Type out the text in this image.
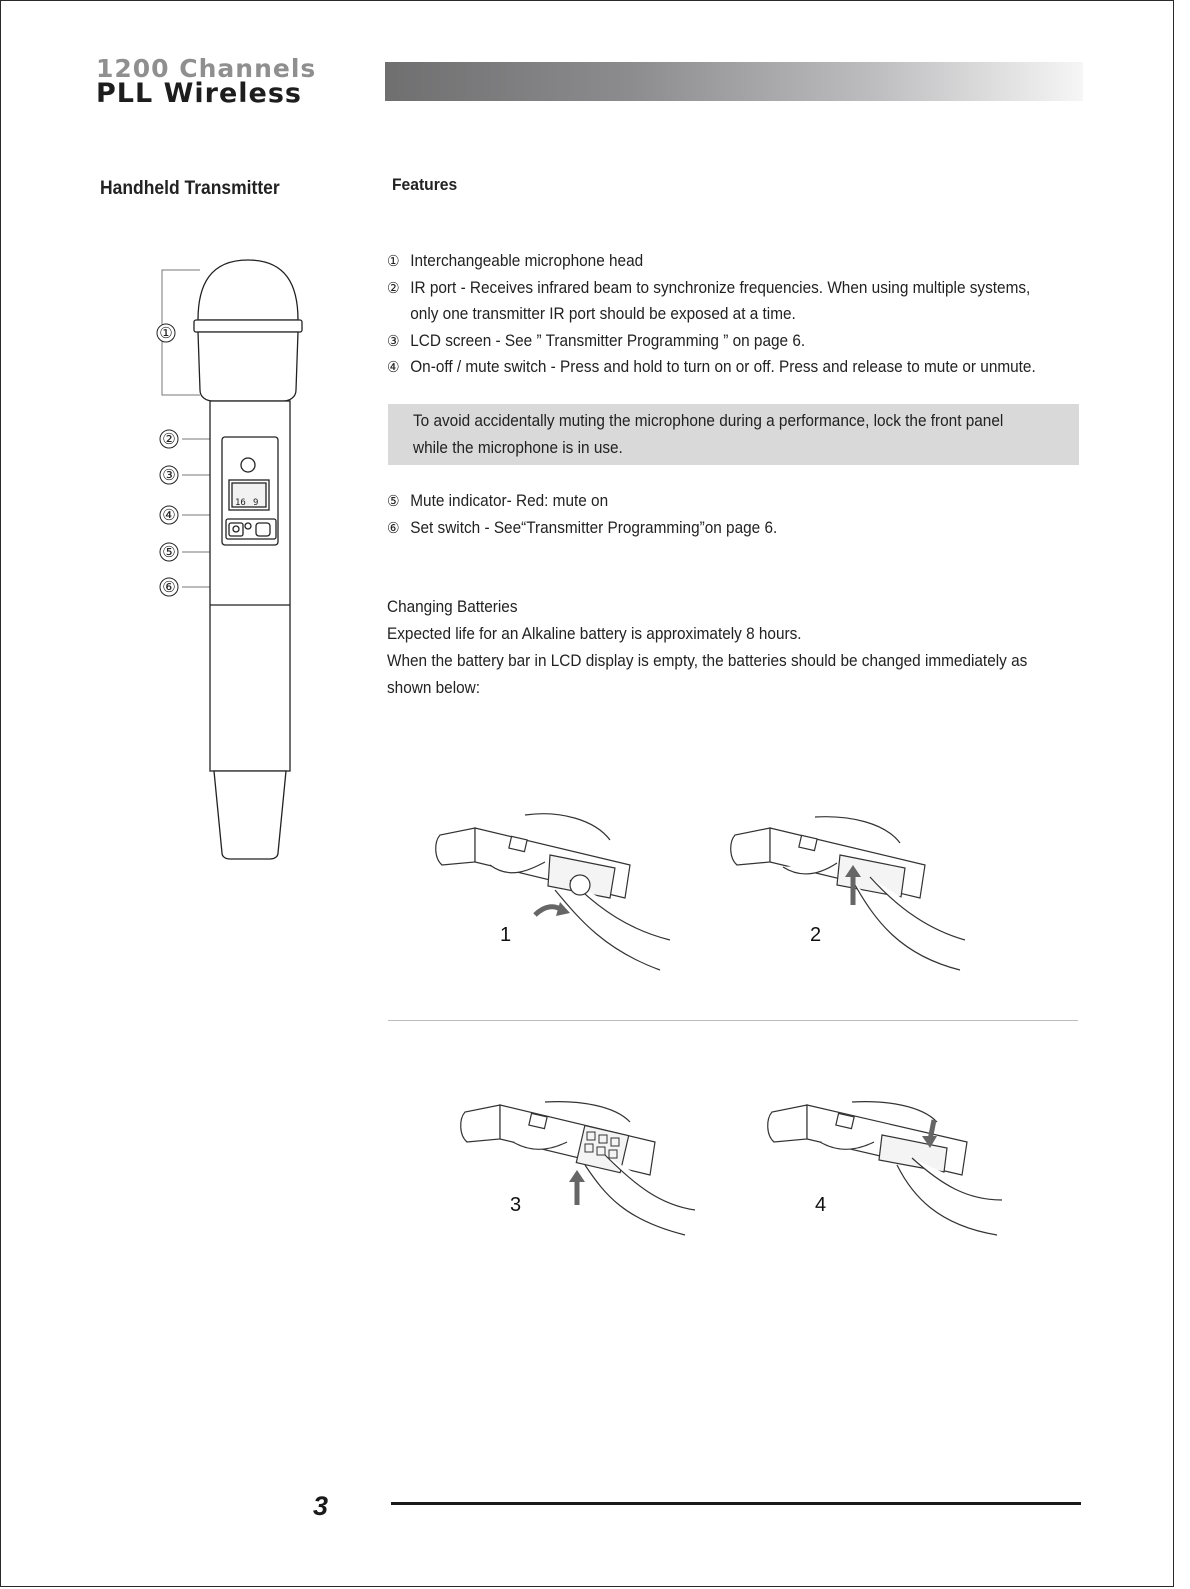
1200 Channels
PLL Wireless
Handheld Transmitter	Features
①
②
③
④
⑤
⑥
16 9
① Interchangeable microphone head
② IR port - Receives infrared beam to synchronize frequencies. When using multiple systems,
only one transmitter IR port should be exposed at a time.
③ LCD screen - See ” Transmitter Programming ” on page 6.
④ On-off / mute switch - Press and hold to turn on or off. Press and release to mute or unmute.
To avoid accidentally muting the microphone during a performance, lock the front panel
while the microphone is in use.
⑤ Mute indicator- Red: mute on
⑥ Set switch - See“Transmitter Programming”on page 6.

Changing Batteries

Expected life for an Alkaline battery is approximately 8 hours.

When the battery bar in LCD display is empty, the batteries should be changed immediately as

shown below:

1	2
3	4
3
